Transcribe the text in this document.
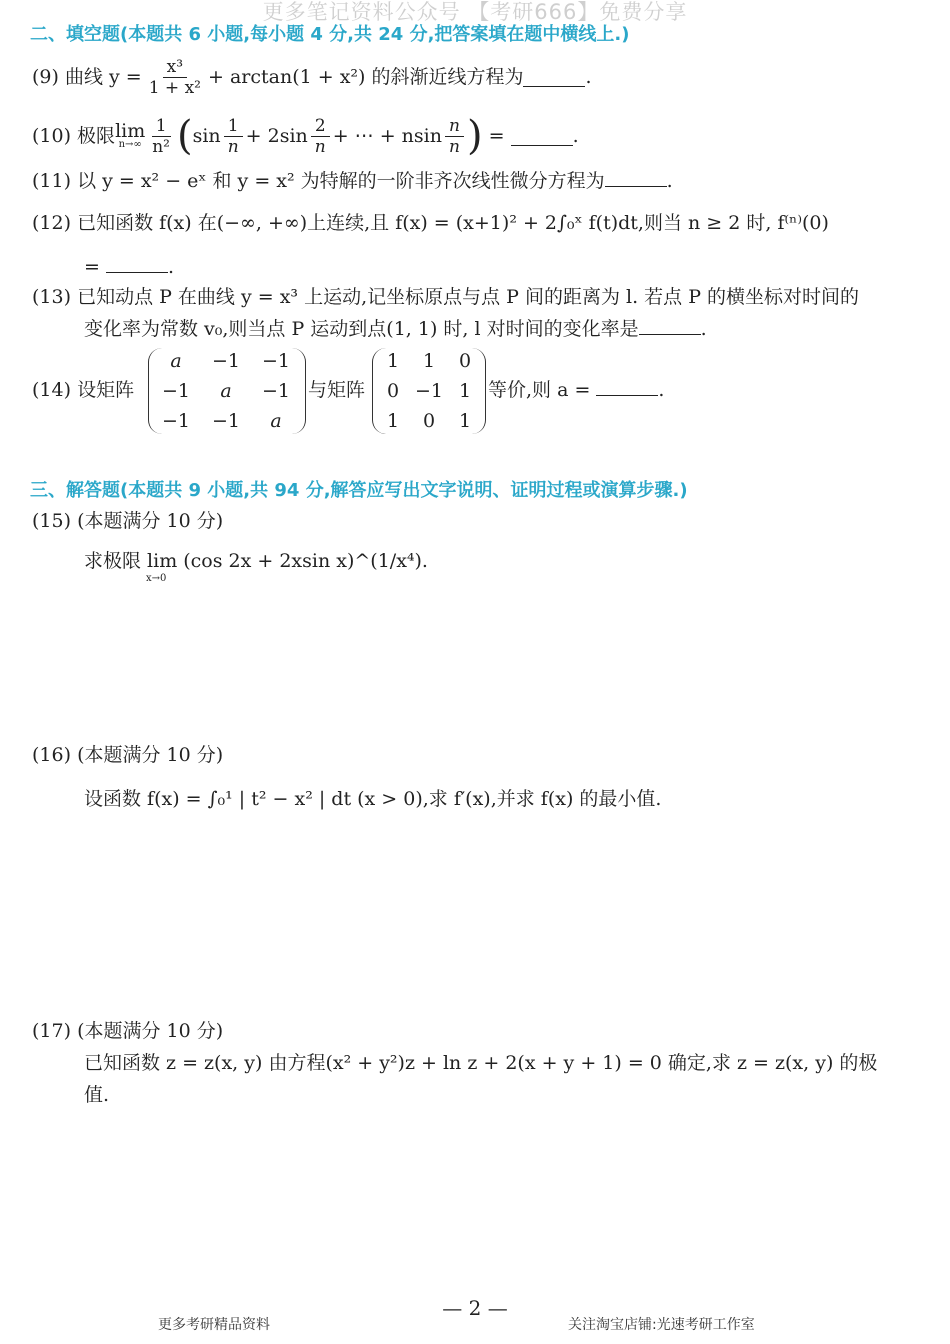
更多笔记资料公众号 【考研666】免费分享
二、填空题(本题共 6 小题,每小题 4 分,共 24 分,把答案填在题中横线上.)
(9)
曲线 $y = \frac{\text{x³}}{\text{1 + x²}} + \arctan(1 + x^2)$ 的斜渐近线方程为	.
(10) 极限 lim
$n\to\infty \frac{1}{\text{n²}}$ ( $\sin \frac{1}{n} + 2\sin \frac{2}{n}$ + ⋯ + nsin $\frac{n}{n}$ )
=
	.
(11) 以 y = x² − eˣ 和 y = x² 为特解的一阶非齐次线性微分方程为	.
(12) 已知函数 f(x) 在(−∞, +∞)上连续,且 f(x) = (x+1)² + 2∫₀ˣ f(t)dt,则当 n ≥ 2 时, f⁽ⁿ⁾(0)
=	.
(13) 已知动点 P 在曲线 y = x³ 上运动,记坐标原点与点 P 间的距离为 l. 若点 P 的横坐标对时间的
变化率为常数 v₀,则当点 P 运动到点(1, 1) 时, l 对时间的变化率是	.
(14) 设矩阵
a	−1	−1
−1	a	−1
−1	−1	a
与矩阵
1	1	0
0 −1 1
1	0	1
等价,则 a =	.
三、解答题(本题共 9 小题,共 94 分,解答应写出文字说明、证明过程或演算步骤.)
(15) (本题满分 10 分)
求极限 lim (cos 2x + 2xsin x)^(1/x⁴).
x→0
(16) (本题满分 10 分)
设函数 f(x) = ∫₀¹ | t² − x² | dt (x > 0),求 f′(x),并求 f(x) 的最小值.
(17) (本题满分 10 分)
已知函数 z = z(x, y) 由方程(x² + y²)z + ln z + 2(x + y + 1) = 0 确定,求 z = z(x, y) 的极
值.
更多考研精品资料
— 2 —
关注淘宝店铺:光速考研工作室
